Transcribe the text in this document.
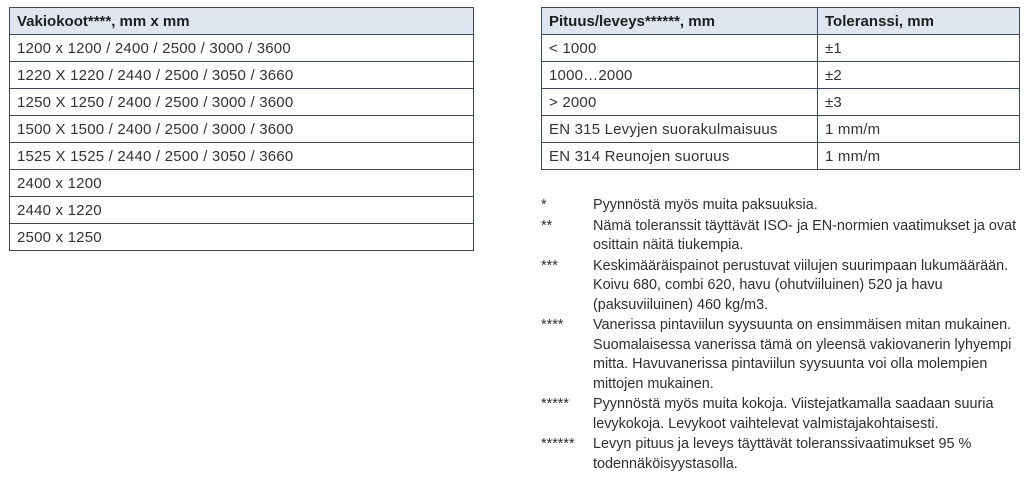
Vakiokoot****, mm x mm
1200 x 1200 / 2400 / 2500 / 3000 / 3600
1220 X 1220 / 2440 / 2500 / 3050 / 3660
1250 X 1250 / 2400 / 2500 / 3000 / 3600
1500 X 1500 / 2400 / 2500 / 3000 / 3600
1525 X 1525 / 2440 / 2500 / 3050 / 3660
2400 x 1200
2440 x 1220
2500 x 1250
Pituus/leveys******, mm	Toleranssi, mm
< 1000	±1
1000…2000	±2
> 2000	±3
EN 315 Levyjen suorakulmaisuus	1 mm/m
EN 314 Reunojen suoruus	1 mm/m
*	Pyynnöstä myös muita paksuuksia.
**	Nämä toleranssit täyttävät ISO- ja EN-normien vaatimukset ja ovat osittain näitä tiukempia.
***	Keskimääräispainot perustuvat viilujen suurimpaan lukumäärään. Koivu 680, combi 620, havu (ohutviiluinen) 520 ja havu (paksuviiluinen) 460 kg/m3.
****	Vanerissa pintaviilun syysuunta on ensimmäisen mitan mukainen. Suomalaisessa vanerissa tämä on yleensä vakiovanerin lyhyempi mitta. Havuvanerissa pintaviilun syysuunta voi olla molempien mittojen mukainen.
*****	Pyynnöstä myös muita kokoja. Viistejatkamalla saadaan suuria levykokoja. Levykoot vaihtelevat valmistajakohtaisesti.
******	Levyn pituus ja leveys täyttävät toleranssivaatimukset 95 % todennäköisyystasolla.
